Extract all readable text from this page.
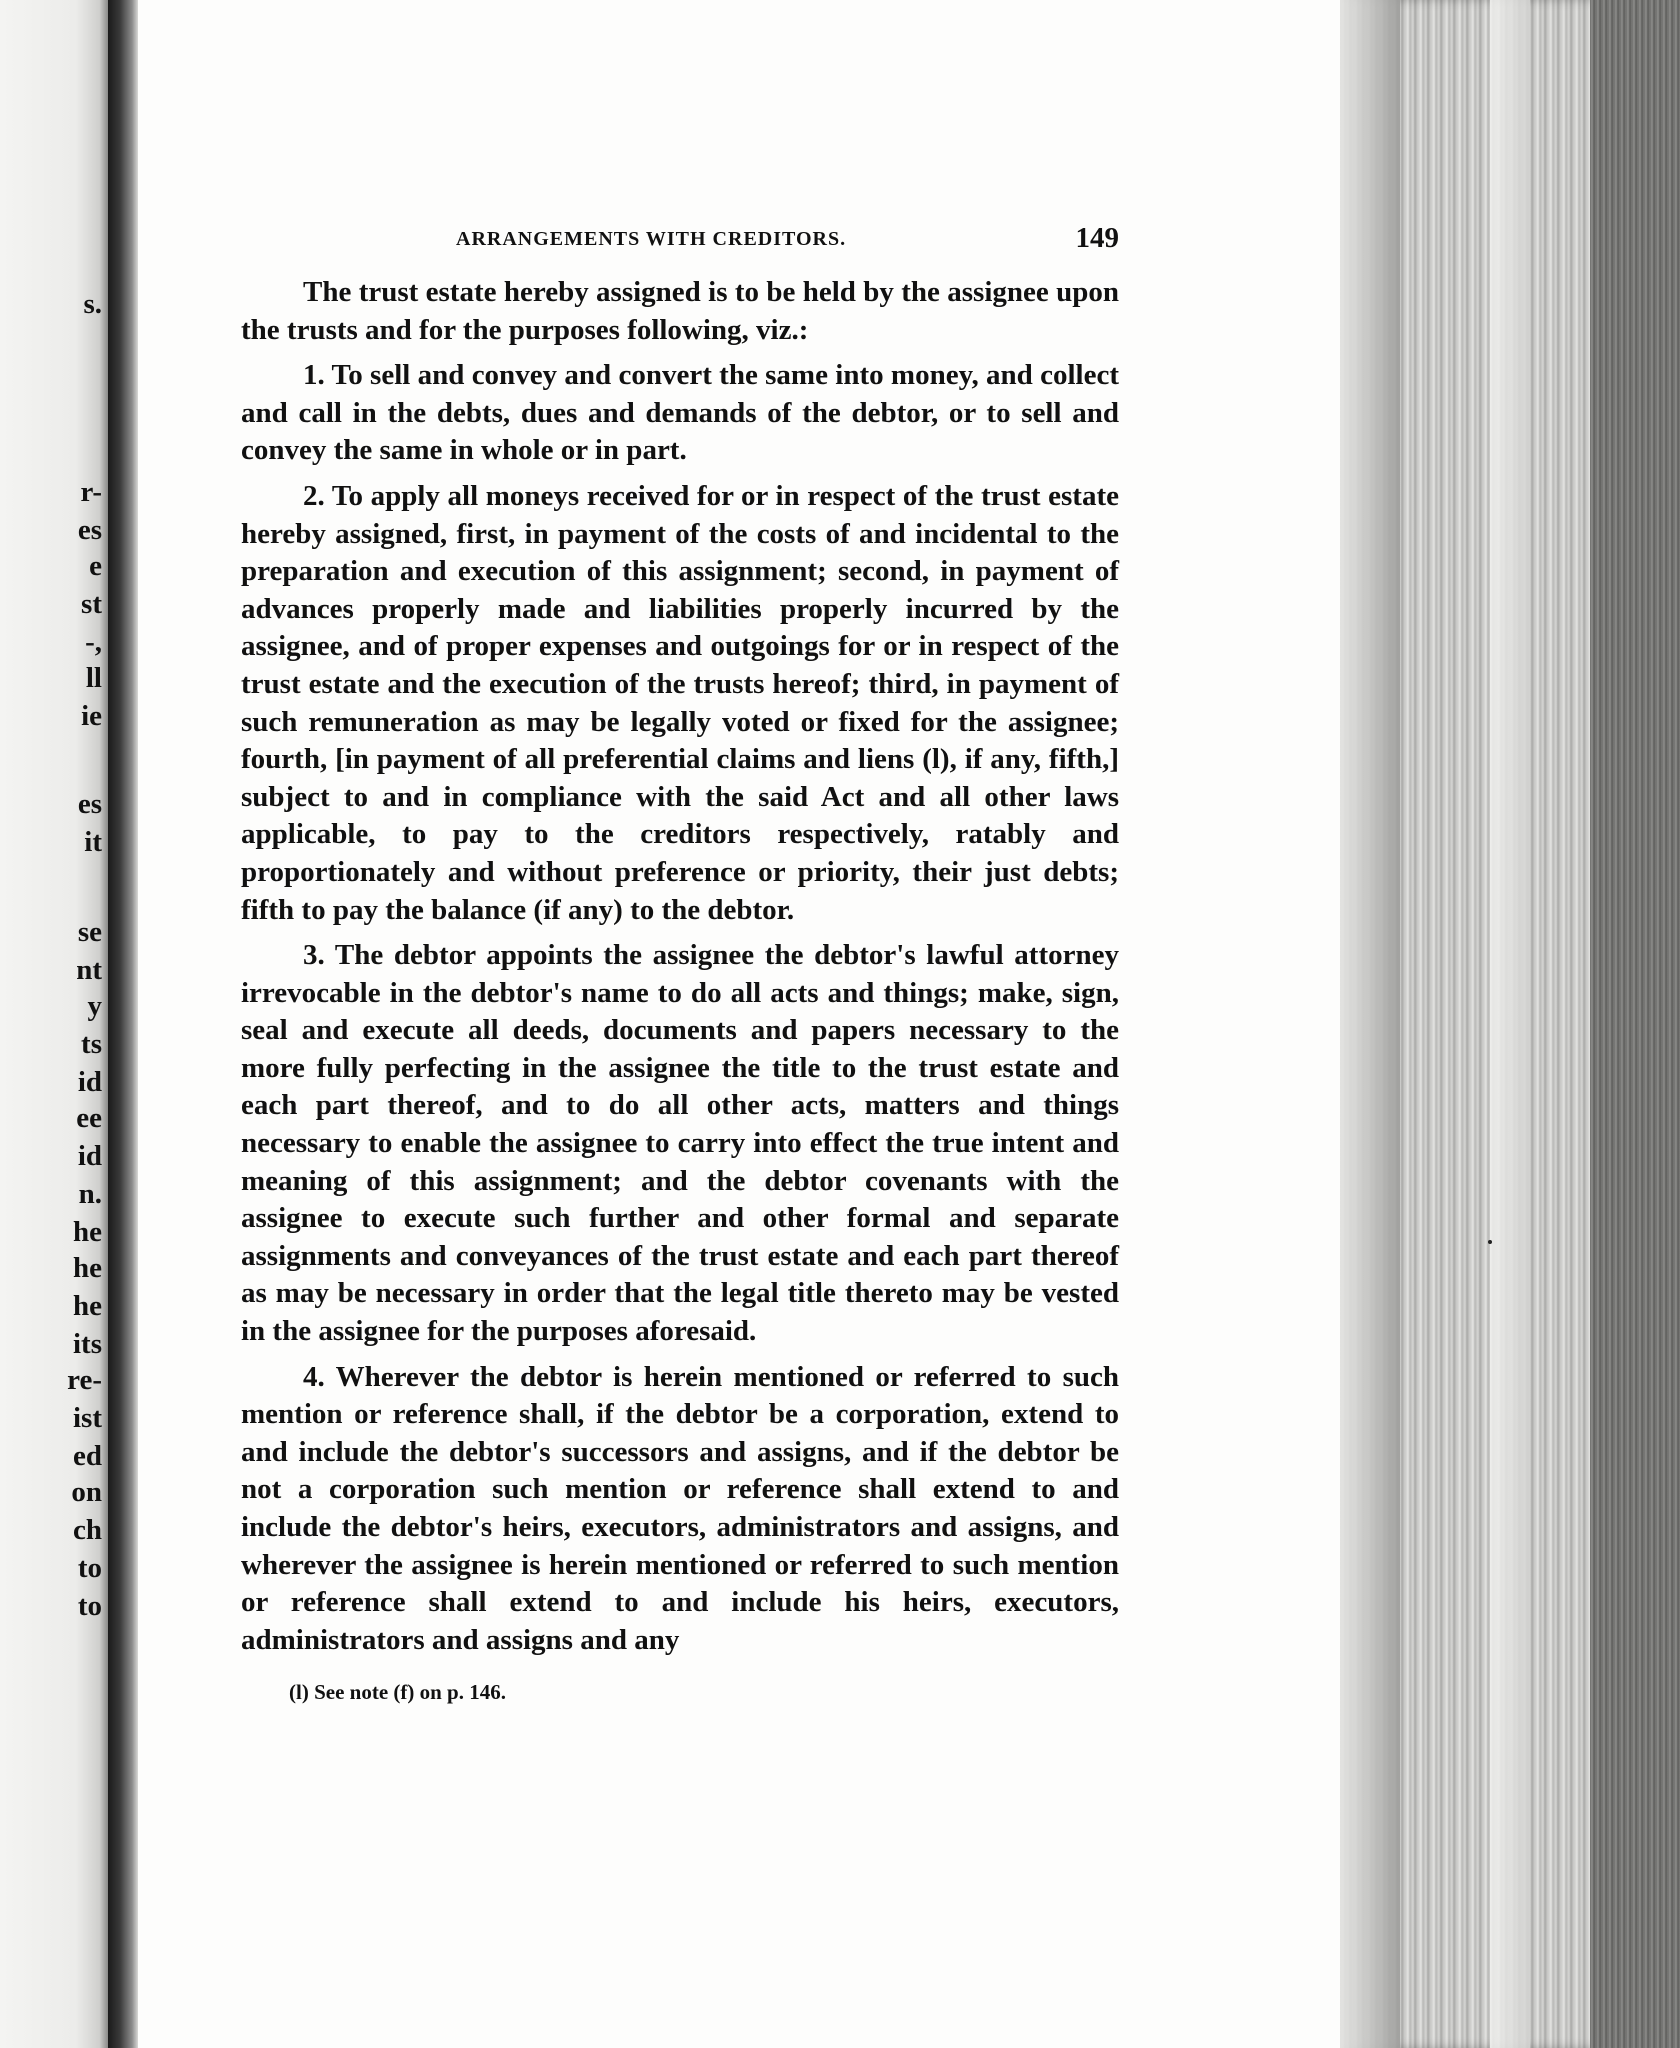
s.
r-
es
e
st
-,
ll
ie
es
it
se
nt
y
ts
id
ee
id
n.
he
he
he
its
re-
ist
ed
on
ch
to
to
ARRANGEMENTS WITH CREDITORS.	149

The trust estate hereby assigned is to be held by the assignee upon the trusts and for the purposes following, viz.:

1. To sell and convey and convert the same into money, and collect and call in the debts, dues and demands of the debtor, or to sell and convey the same in whole or in part.

2. To apply all moneys received for or in respect of the trust estate hereby assigned, first, in payment of the costs of and incidental to the preparation and execution of this assignment; second, in payment of advances properly made and liabilities properly incurred by the assignee, and of proper expenses and outgoings for or in respect of the trust estate and the execution of the trusts hereof; third, in payment of such remuneration as may be legally voted or fixed for the assignee; fourth, [in payment of all preferential claims and liens (l), if any, fifth,] subject to and in compliance with the said Act and all other laws applicable, to pay to the creditors respectively, ratably and proportionately and without preference or priority, their just debts; fifth to pay the balance (if any) to the debtor.

3. The debtor appoints the assignee the debtor's lawful attorney irrevocable in the debtor's name to do all acts and things; make, sign, seal and execute all deeds, documents and papers necessary to the more fully perfecting in the assignee the title to the trust estate and each part thereof, and to do all other acts, matters and things necessary to enable the assignee to carry into effect the true intent and meaning of this assignment; and the debtor covenants with the assignee to execute such further and other formal and separate assignments and conveyances of the trust estate and each part thereof as may be necessary in order that the legal title thereto may be vested in the assignee for the purposes aforesaid.

4. Wherever the debtor is herein mentioned or referred to such mention or reference shall, if the debtor be a corporation, extend to and include the debtor's successors and assigns, and if the debtor be not a corporation such mention or reference shall extend to and include the debtor's heirs, executors, administrators and assigns, and wherever the assignee is herein mentioned or referred to such mention or reference shall extend to and include his heirs, executors, administrators and assigns and any

(l) See note (f) on p. 146.
